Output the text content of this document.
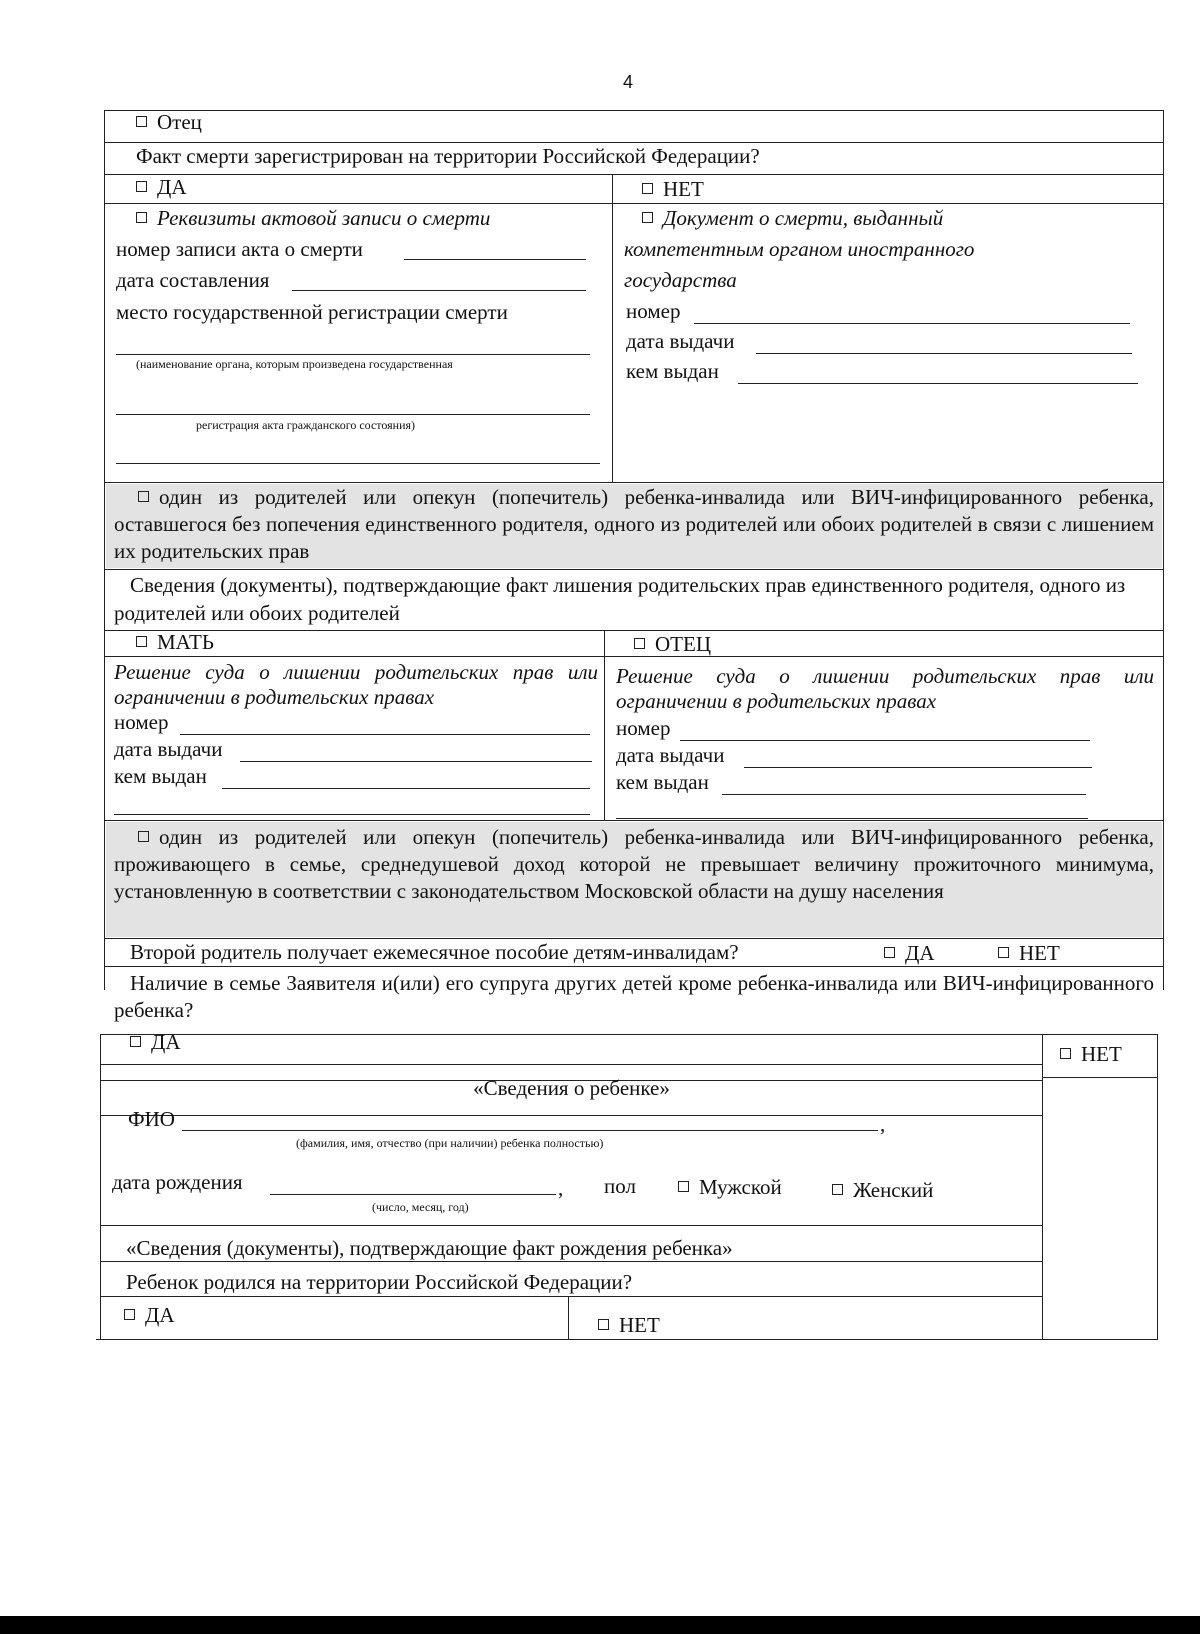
4
Отец
Факт смерти зарегистрирован на территории Российской Федерации?
ДА	НЕТ
Реквизиты актовой записи о смерти
номер записи акта о смерти
дата составления
место государственной регистрации смерти
(наименование органа, которым произведена государственная
регистрация акта гражданского состояния)
Документ о смерти, выданный
компетентным органом иностранного
государства
номер
дата выдачи
кем выдан
один из родителей или опекун (попечитель) ребенка-инвалида или ВИЧ-инфицированного ребенка, оставшегося без попечения единственного родителя, одного из родителей или обоих родителей в связи с лишением их родительских прав
Сведения (документы), подтверждающие факт лишения родительских прав единственного родителя, одного из родителей или обоих родителей
МАТЬ	ОТЕЦ
Решение суда о лишении родительских прав или ограничении в родительских правах
номер
дата выдачи
кем выдан
Решение суда о лишении родительских прав или ограничении в родительских правах
номер
дата выдачи
кем выдан
один из родителей или опекун (попечитель) ребенка-инвалида или ВИЧ-инфицированного ребенка, проживающего в семье, среднедушевой доход которой не превышает величину прожиточного минимума, установленную в соответствии с законодательством Московской области на душу населения
Второй родитель получает ежемесячное пособие детям-инвалидам?	ДА	НЕТ
Наличие в семье Заявителя и(или) его супруга других детей кроме ребенка-инвалида или ВИЧ-инфицированного ребенка?
ДА	НЕТ
«Сведения о ребенке»
ФИО	,
(фамилия, имя, отчество (при наличии) ребенка полностью)
дата рождения	,
(число, месяц, год)
пол	Мужской	Женский
«Сведения (документы), подтверждающие факт рождения ребенка»
Ребенок родился на территории Российской Федерации?
ДА	НЕТ
